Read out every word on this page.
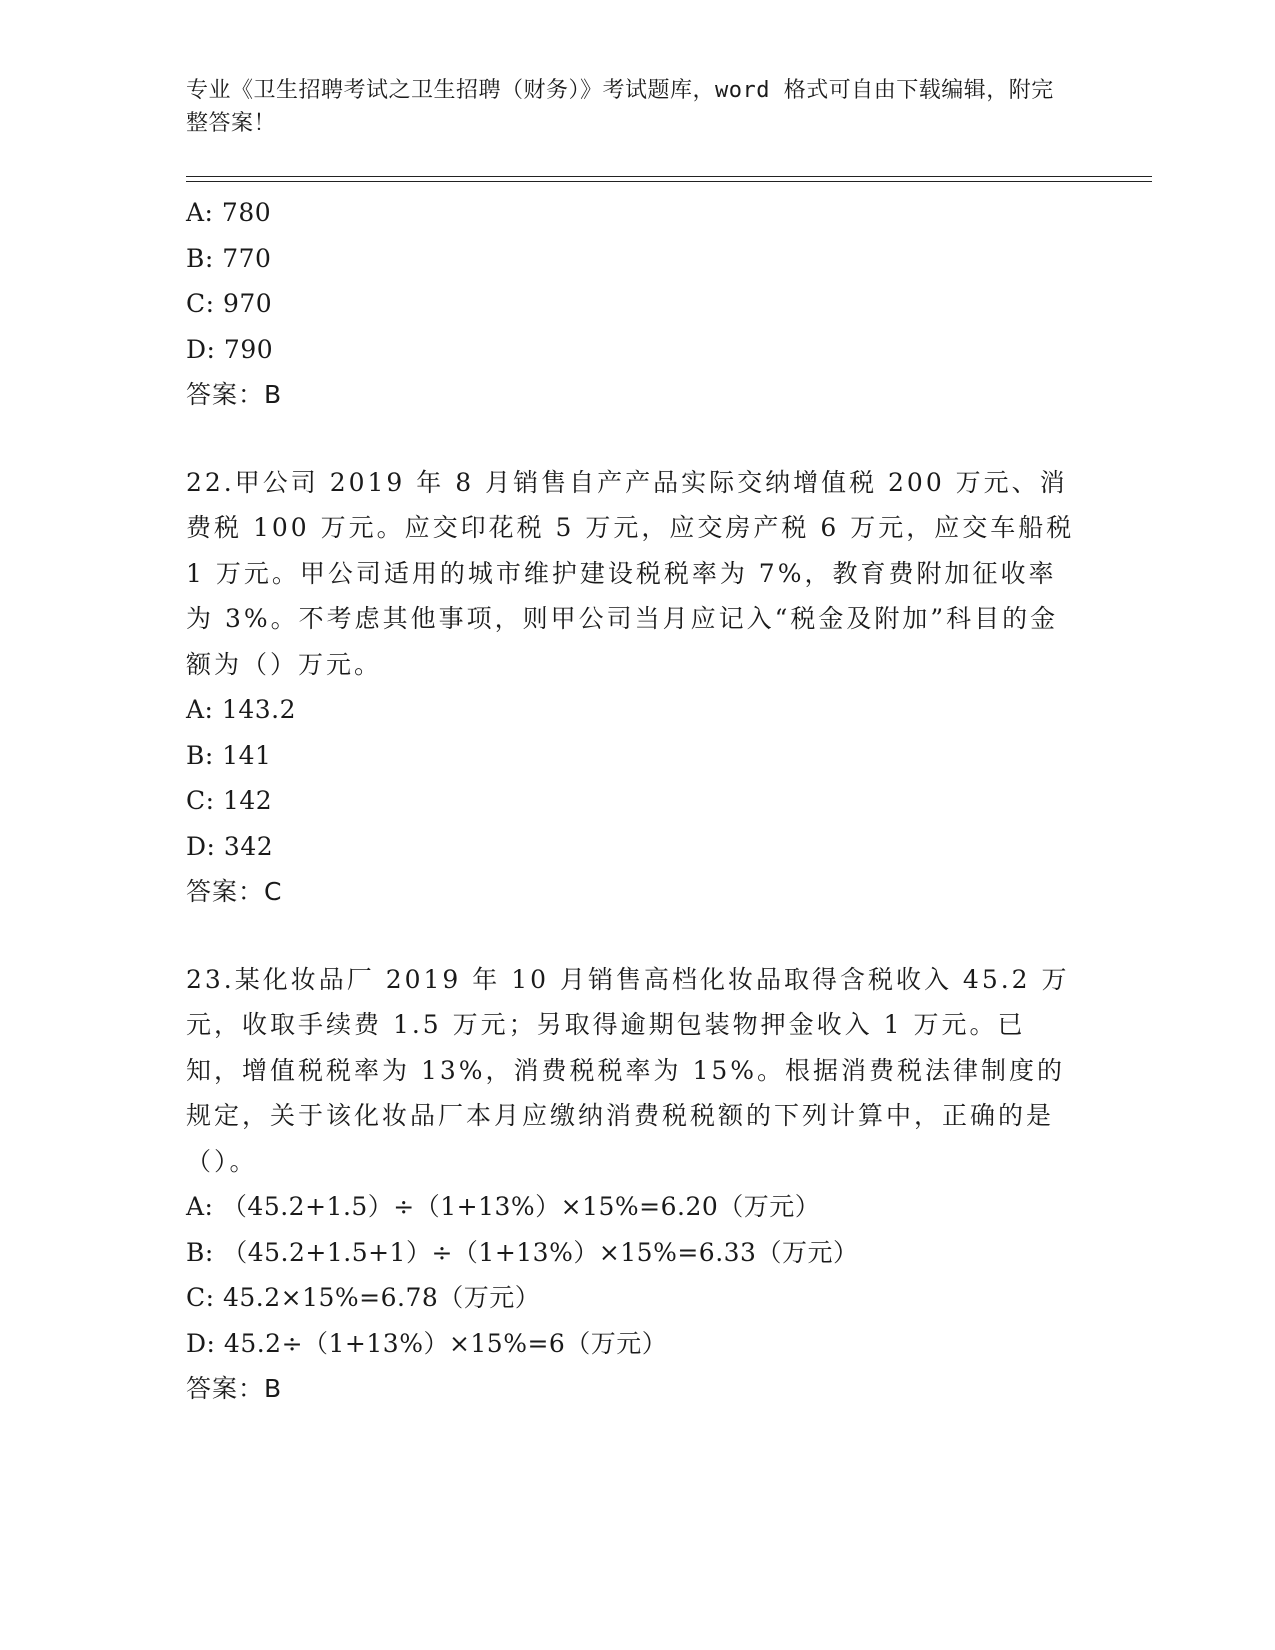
专业《卫生招聘考试之卫生招聘（财务）》考试题库，word 格式可自由下载编辑，附完整答案！
A: 780
B: 770
C: 970
D: 790
答案：B
22.甲公司 2019 年 8 月销售自产产品实际交纳增值税 200 万元、消费税 100 万元。应交印花税 5 万元，应交房产税 6 万元，应交车船税 1 万元。甲公司适用的城市维护建设税税率为 7%，教育费附加征收率为 3%。不考虑其他事项，则甲公司当月应记入“税金及附加”科目的金额为（）万元。
A: 143.2
B: 141
C: 142
D: 342
答案：C
23.某化妆品厂 2019 年 10 月销售高档化妆品取得含税收入 45.2 万元，收取手续费 1.5 万元；另取得逾期包装物押金收入 1 万元。已知，增值税税率为 13%，消费税税率为 15%。根据消费税法律制度的规定，关于该化妆品厂本月应缴纳消费税税额的下列计算中，正确的是（）。
A: （45.2+1.5）÷（1+13%）×15%=6.20（万元）
B: （45.2+1.5+1）÷（1+13%）×15%=6.33（万元）
C: 45.2×15%=6.78（万元）
D: 45.2÷（1+13%）×15%=6（万元）
答案：B
